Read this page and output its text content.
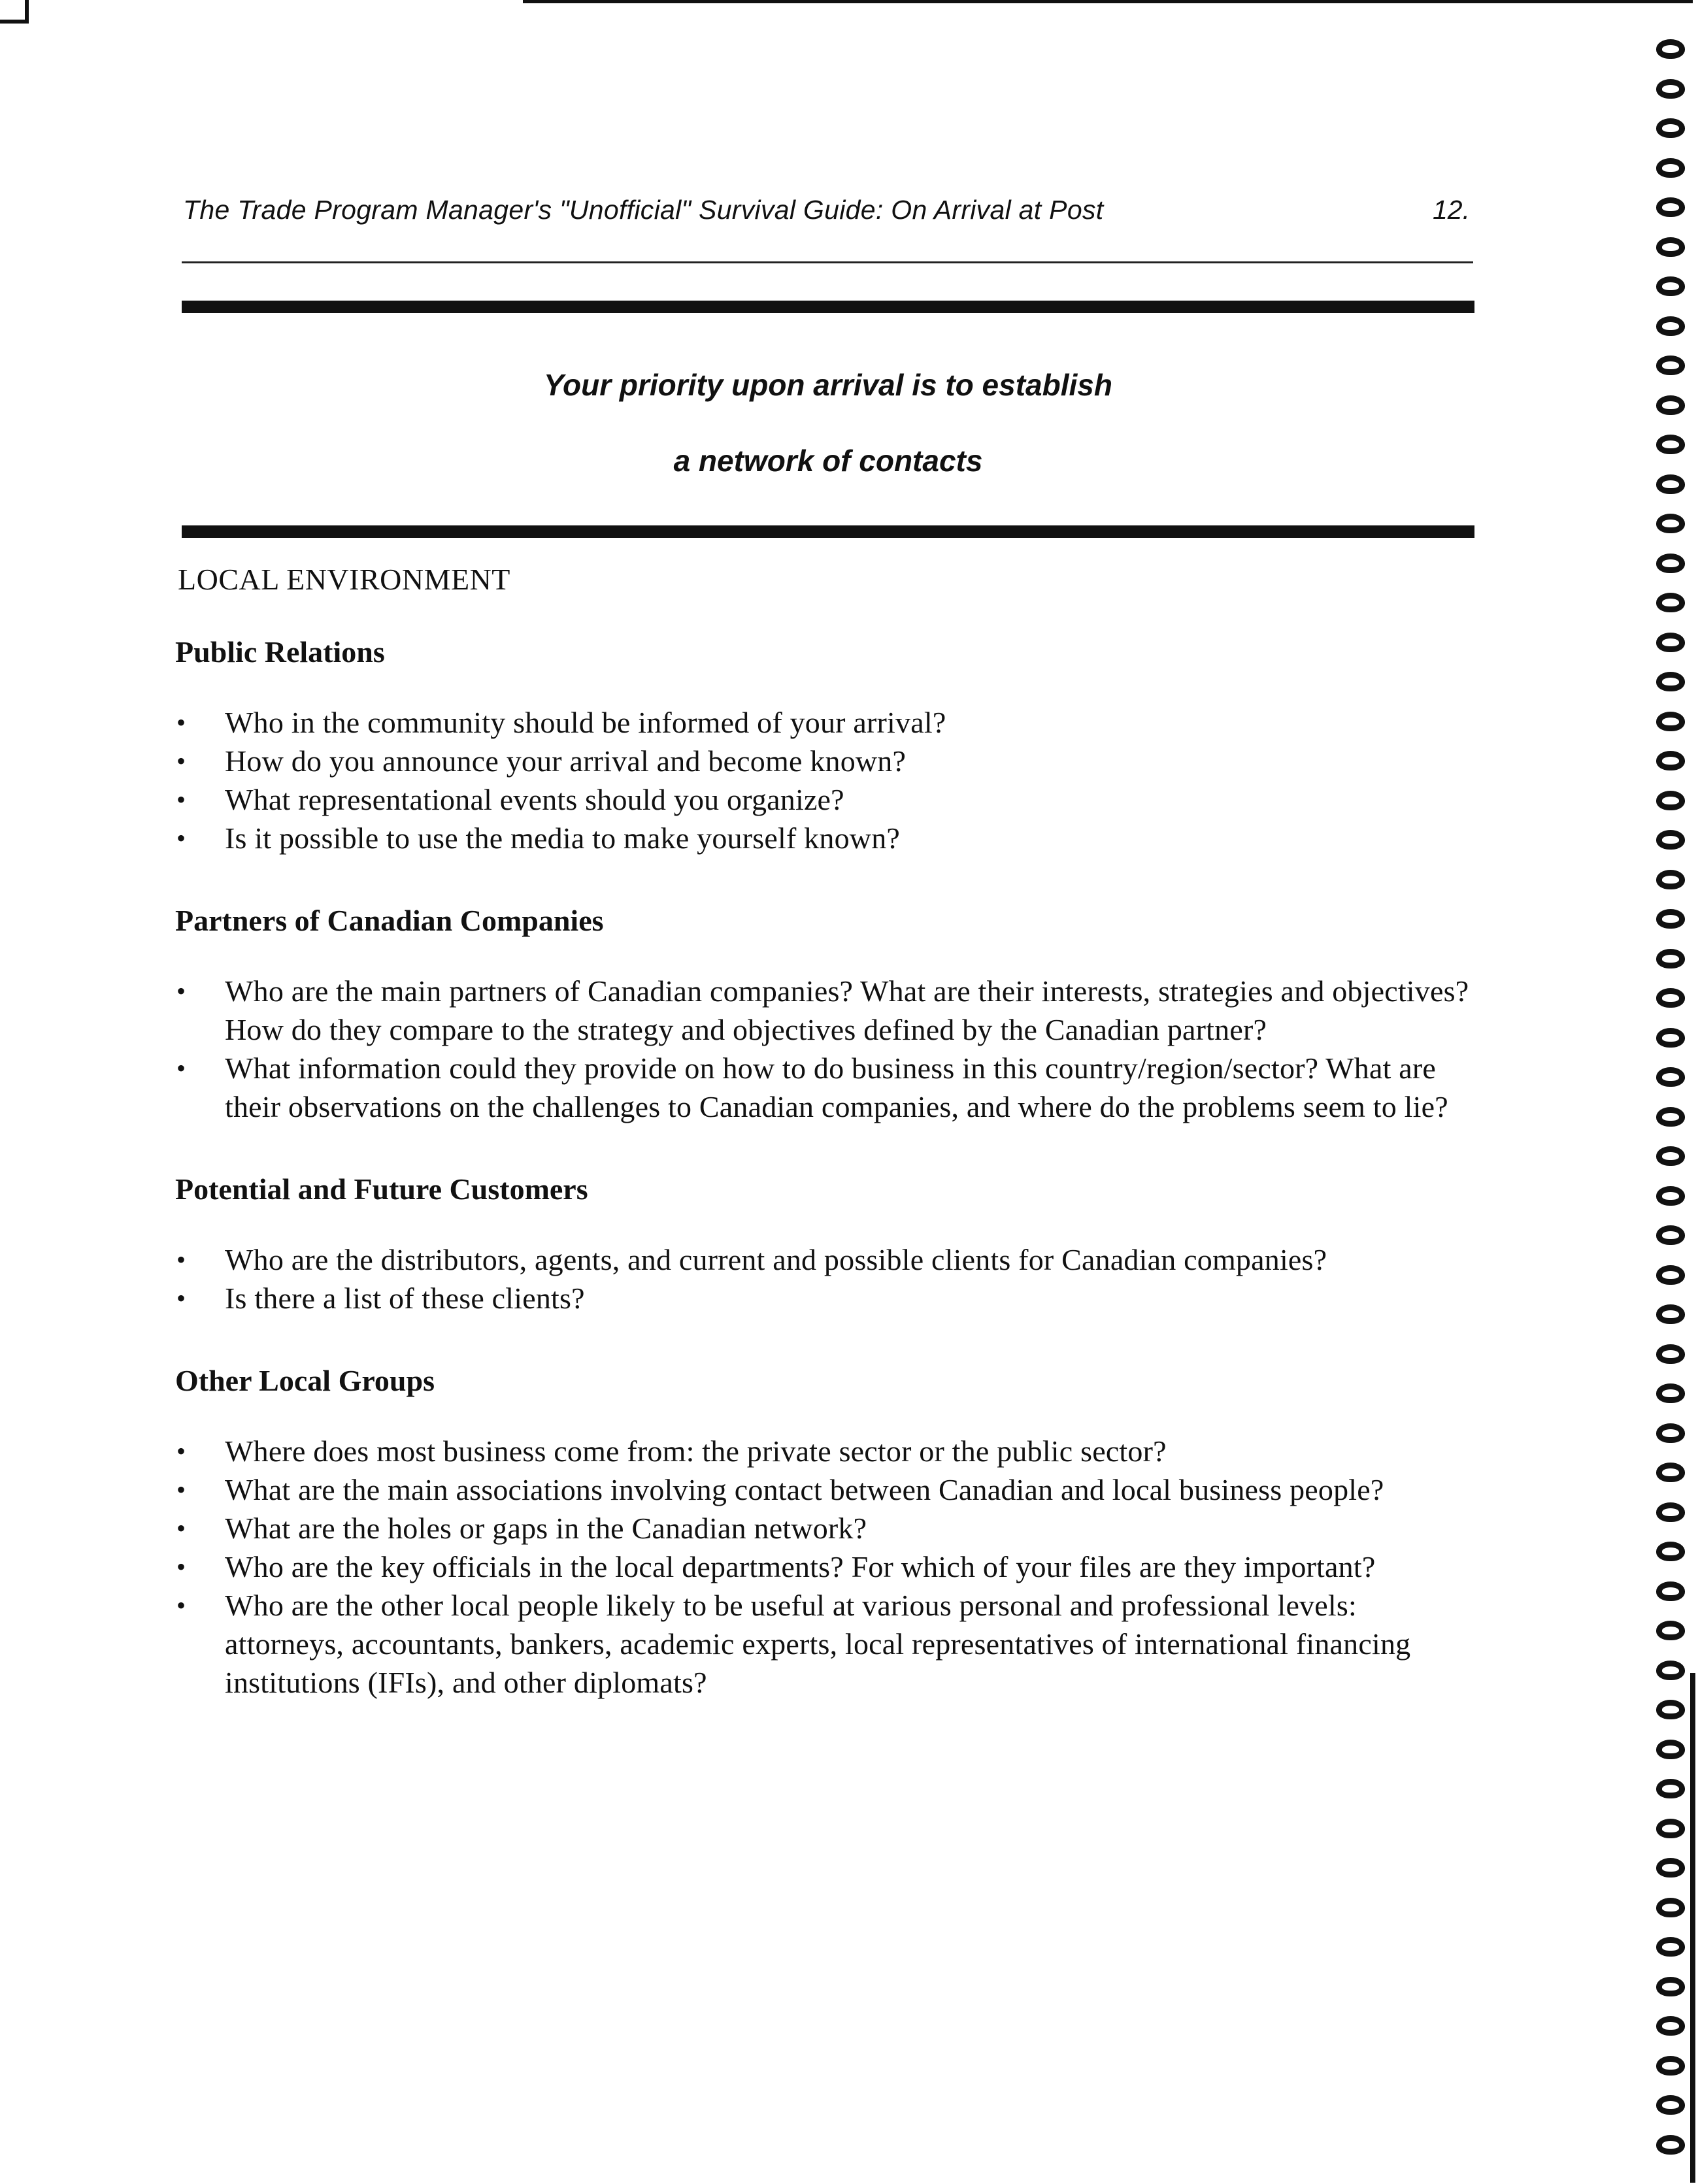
The Trade Program Manager's "Unofficial" Survival Guide: On Arrival at Post	12.
Your priority upon arrival is to establish
a network of contacts
LOCAL ENVIRONMENT
Public Relations
•	Who in the community should be informed of your arrival?
•	How do you announce your arrival and become known?
•	What representational events should you organize?
•	Is it possible to use the media to make yourself known?
Partners of Canadian Companies
•	Who are the main partners of Canadian companies? What are their interests, strategies and objectives? How do they compare to the strategy and objectives defined by the Canadian partner?
•	What information could they provide on how to do business in this country/region/sector? What are their observations on the challenges to Canadian companies, and where do the problems seem to lie?
Potential and Future Customers
•	Who are the distributors, agents, and current and possible clients for Canadian companies?
•	Is there a list of these clients?
Other Local Groups
•	Where does most business come from: the private sector or the public sector?
•	What are the main associations involving contact between Canadian and local business people?
•	What are the holes or gaps in the Canadian network?
•	Who are the key officials in the local departments? For which of your files are they important?
•	Who are the other local people likely to be useful at various personal and professional levels: attorneys, accountants, bankers, academic experts, local representatives of international financing institutions (IFIs), and other diplomats?
